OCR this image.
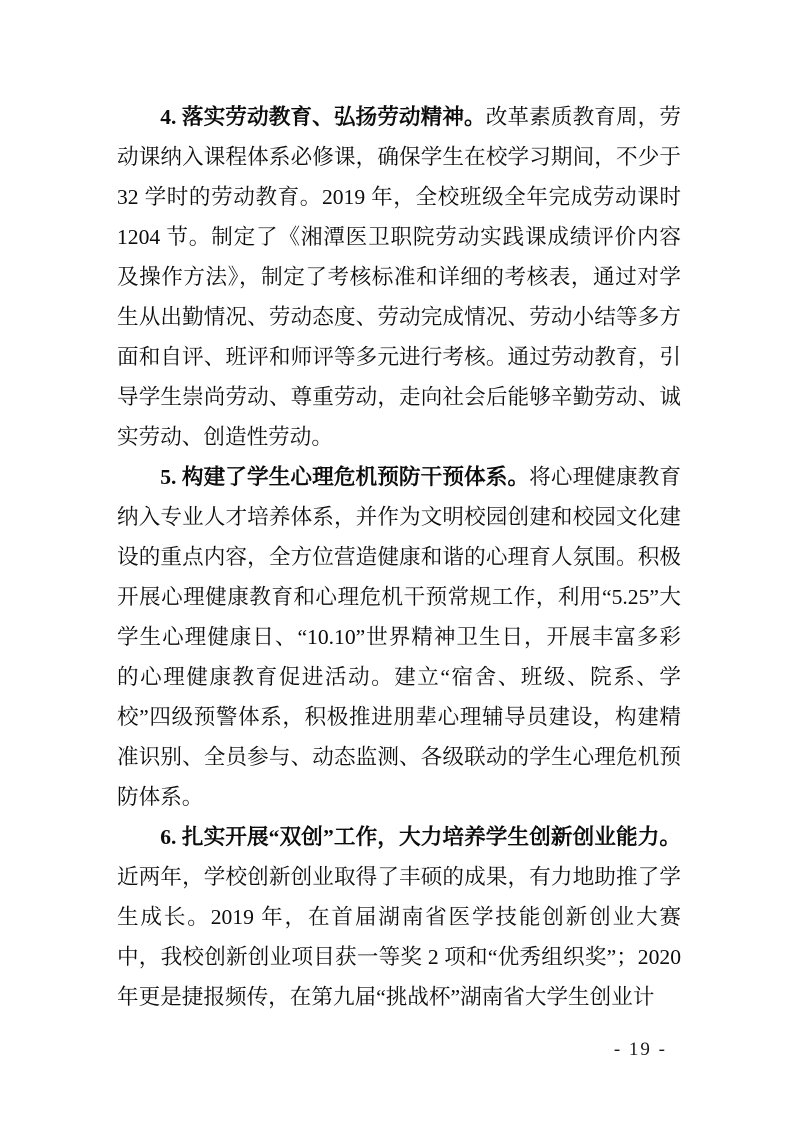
4. 落实劳动教育、弘扬劳动精神。改革素质教育周，劳动课纳入课程体系必修课，确保学生在校学习期间，不少于 32 学时的劳动教育。2019 年，全校班级全年完成劳动课时 1204 节。制定了《湘潭医卫职院劳动实践课成绩评价内容及操作方法》，制定了考核标准和详细的考核表，通过对学生从出勤情况、劳动态度、劳动完成情况、劳动小结等多方面和自评、班评和师评等多元进行考核。通过劳动教育，引导学生崇尚劳动、尊重劳动，走向社会后能够辛勤劳动、诚实劳动、创造性劳动。

5. 构建了学生心理危机预防干预体系。将心理健康教育纳入专业人才培养体系，并作为文明校园创建和校园文化建设的重点内容，全方位营造健康和谐的心理育人氛围。积极开展心理健康教育和心理危机干预常规工作，利用“5.25”大学生心理健康日、“10.10”世界精神卫生日，开展丰富多彩的心理健康教育促进活动。建立“宿舍、班级、院系、学校”四级预警体系，积极推进朋辈心理辅导员建设，构建精准识别、全员参与、动态监测、各级联动的学生心理危机预防体系。

6. 扎实开展“双创”工作，大力培养学生创新创业能力。近两年，学校创新创业取得了丰硕的成果，有力地助推了学生成长。2019 年，在首届湖南省医学技能创新创业大赛中，我校创新创业项目获一等奖 2 项和“优秀组织奖”；2020 年更是捷报频传，在第九届“挑战杯”湖南省大学生创业计

- 19 -
